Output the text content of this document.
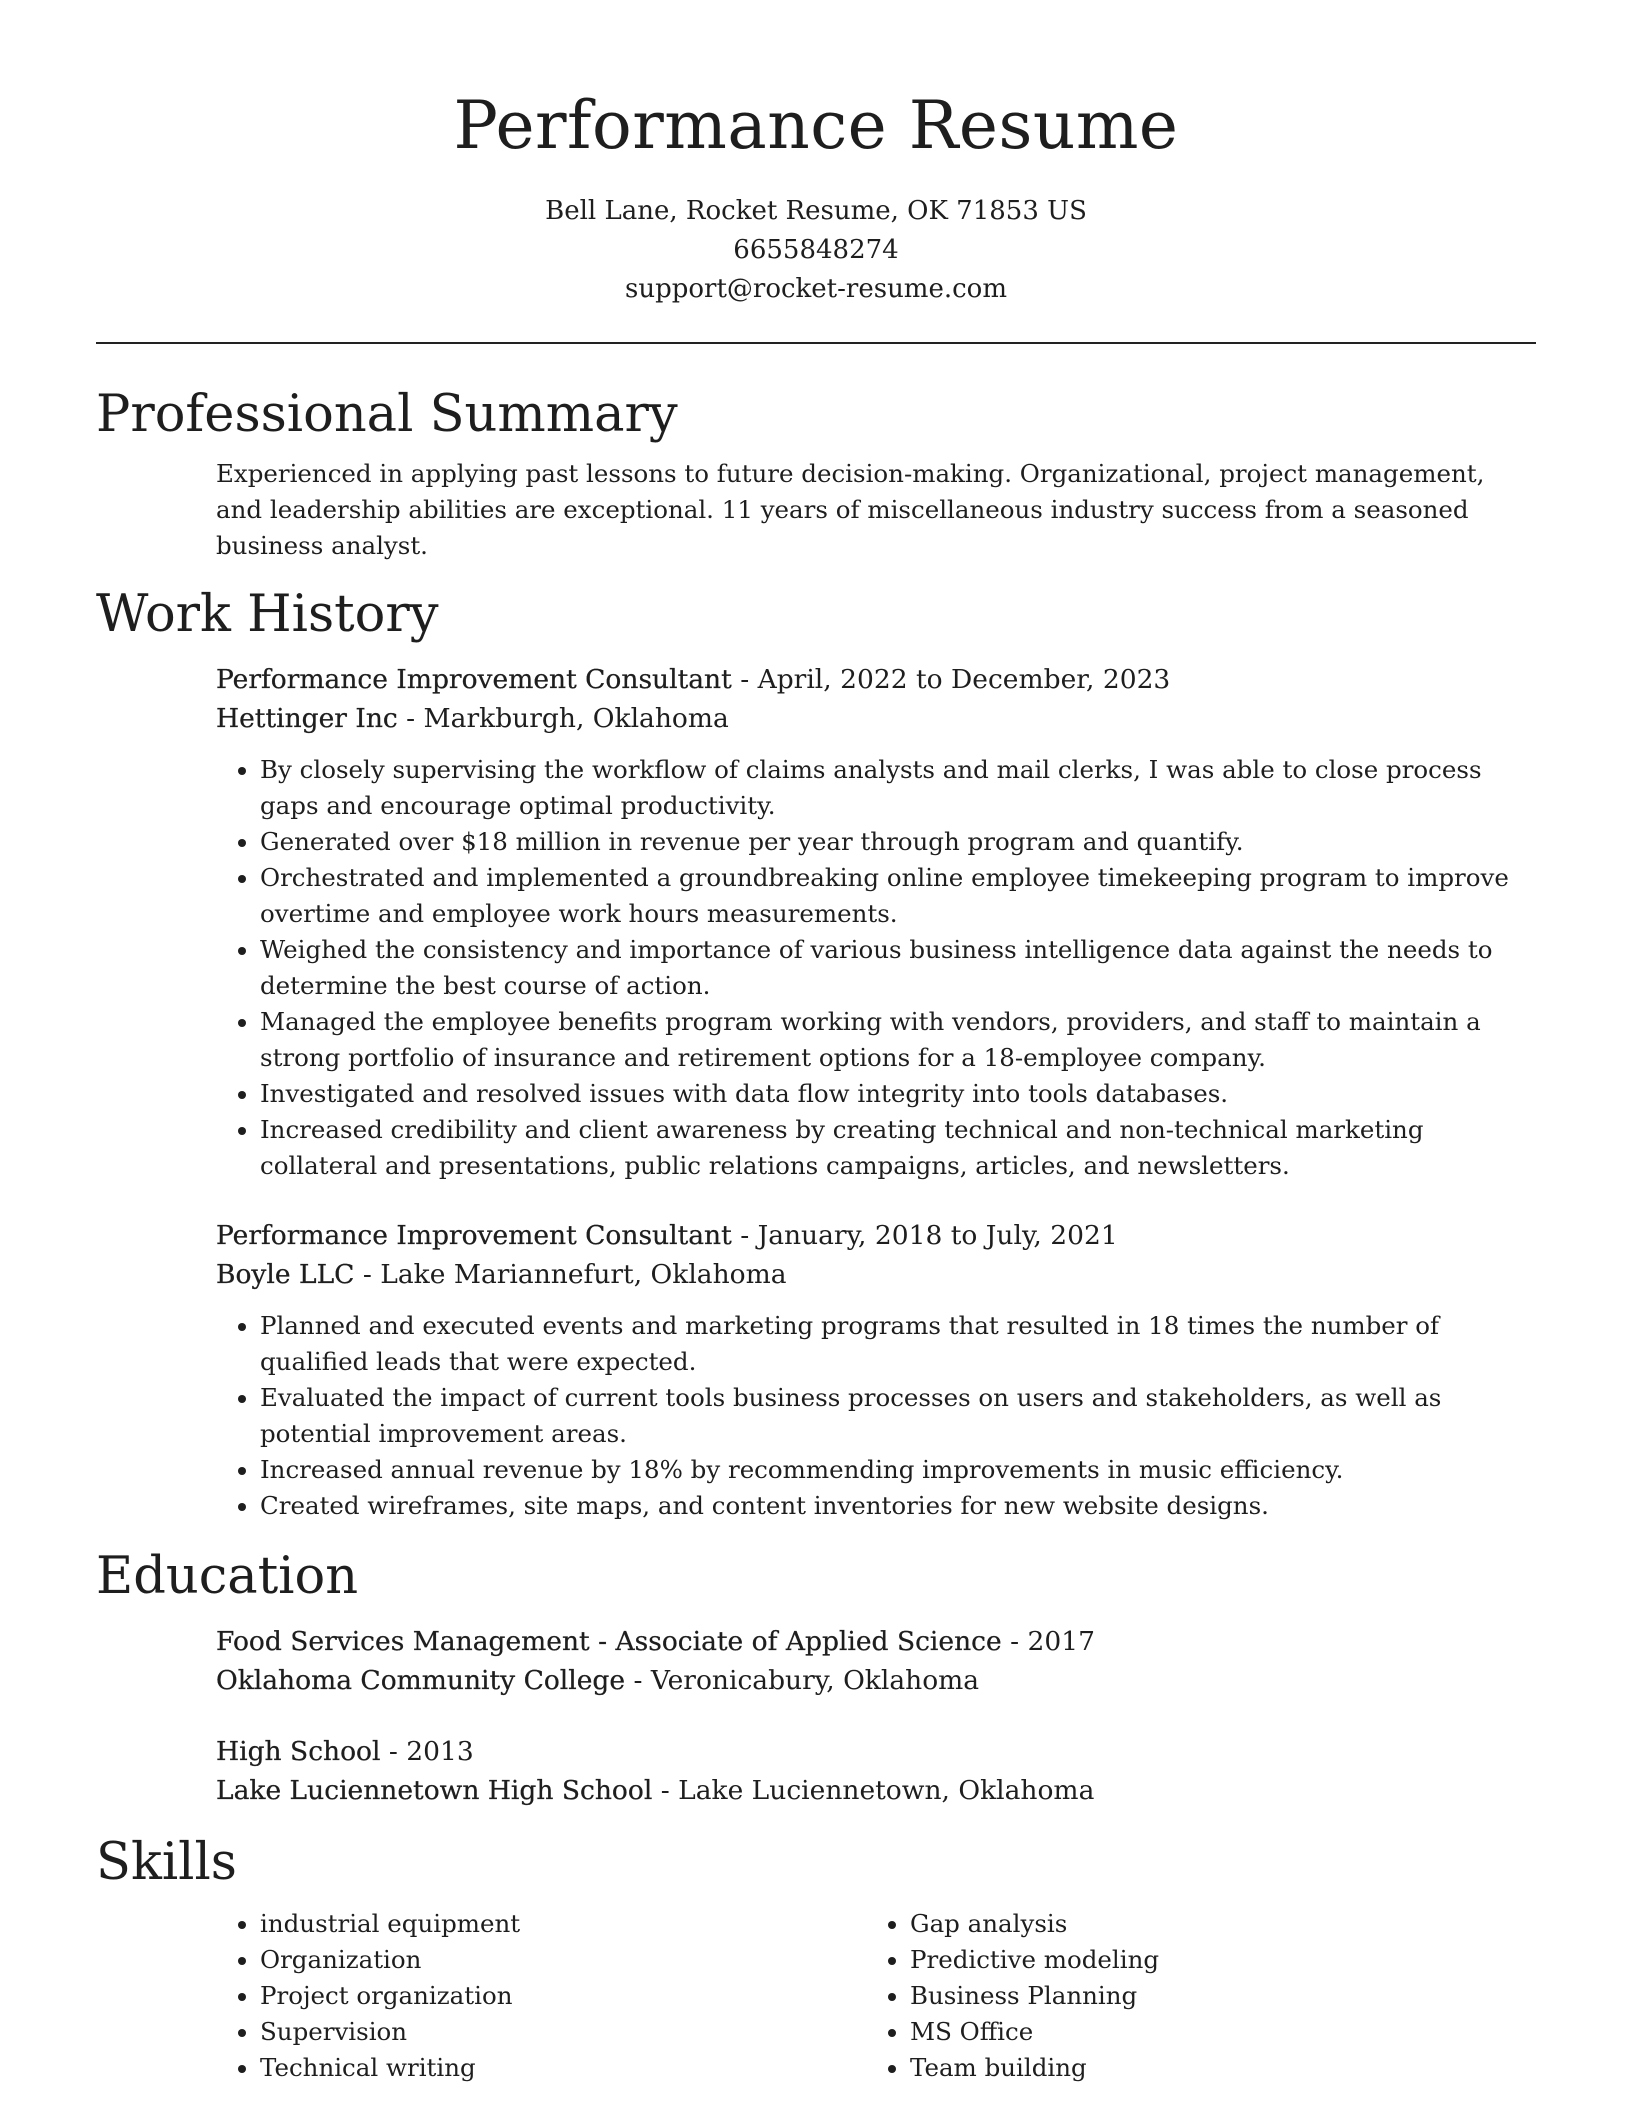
Performance Resume
Bell Lane, Rocket Resume, OK 71853 US
6655848274
support@rocket-resume.com
Professional Summary

Experienced in applying past lessons to future decision-making. Organizational, project management, and leadership abilities are exceptional. 11 years of miscellaneous industry success from a seasoned business analyst.

Work History
Performance Improvement Consultant - April, 2022 to December, 2023
Hettinger Inc - Markburgh, Oklahoma
• By closely supervising the workflow of claims analysts and mail clerks, I was able to close process gaps and encourage optimal productivity.
• Generated over $18 million in revenue per year through program and quantify.
• Orchestrated and implemented a groundbreaking online employee timekeeping program to improve overtime and employee work hours measurements.
• Weighed the consistency and importance of various business intelligence data against the needs to determine the best course of action.
• Managed the employee benefits program working with vendors, providers, and staff to maintain a strong portfolio of insurance and retirement options for a 18-employee company.
• Investigated and resolved issues with data flow integrity into tools databases.
• Increased credibility and client awareness by creating technical and non-technical marketing collateral and presentations, public relations campaigns, articles, and newsletters.
Performance Improvement Consultant - January, 2018 to July, 2021
Boyle LLC - Lake Mariannefurt, Oklahoma
• Planned and executed events and marketing programs that resulted in 18 times the number of qualified leads that were expected.
• Evaluated the impact of current tools business processes on users and stakeholders, as well as potential improvement areas.
• Increased annual revenue by 18% by recommending improvements in music efficiency.
• Created wireframes, site maps, and content inventories for new website designs.
Education
Food Services Management - Associate of Applied Science - 2017
Oklahoma Community College - Veronicabury, Oklahoma
High School - 2013
Lake Luciennetown High School - Lake Luciennetown, Oklahoma
Skills
• industrial equipment
• Organization
• Project organization
• Supervision
• Technical writing
• Gap analysis
• Predictive modeling
• Business Planning
• MS Office
• Team building
